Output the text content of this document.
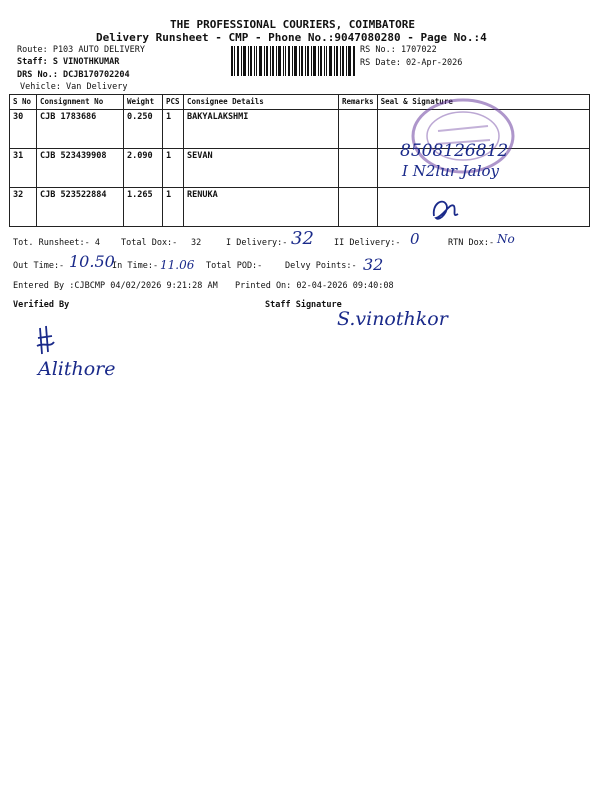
THE PROFESSIONAL COURIERS, COIMBATORE
Delivery Runsheet - CMP - Phone No.:9047080280 - Page No.:4
Route: P103 AUTO DELIVERY
Staff: S VINOTHKUMAR
DRS No.: DCJB170702204
Vehicle: Van Delivery
RS No.: 1707022
RS Date: 02-Apr-2026
S No	Consignment No	Weight	PCS	Consignee Details	Remarks	Seal & Signature
30	CJB 1783686	0.250	1	BAKYALAKSHMI		
31	CJB 523439908	2.090	1	SEVAN		
32	CJB 523522884	1.265	1	RENUKA		
8508126812
I N2lur Jaloy
Tot. Runsheet:- 4 Total Dox:- 32	I Delivery:- 32 II Delivery:- 0	RTN Dox:- No
Out Time:- 10.50
In Time:- 11.06 Total POD:-	Delvy Points:- 32
Entered By :CJBCMP 04/02/2026 9:21:28 AM Printed On: 02-04-2026 09:40:08
Verified By	Staff Signature
S.vinothkor
Alithore
